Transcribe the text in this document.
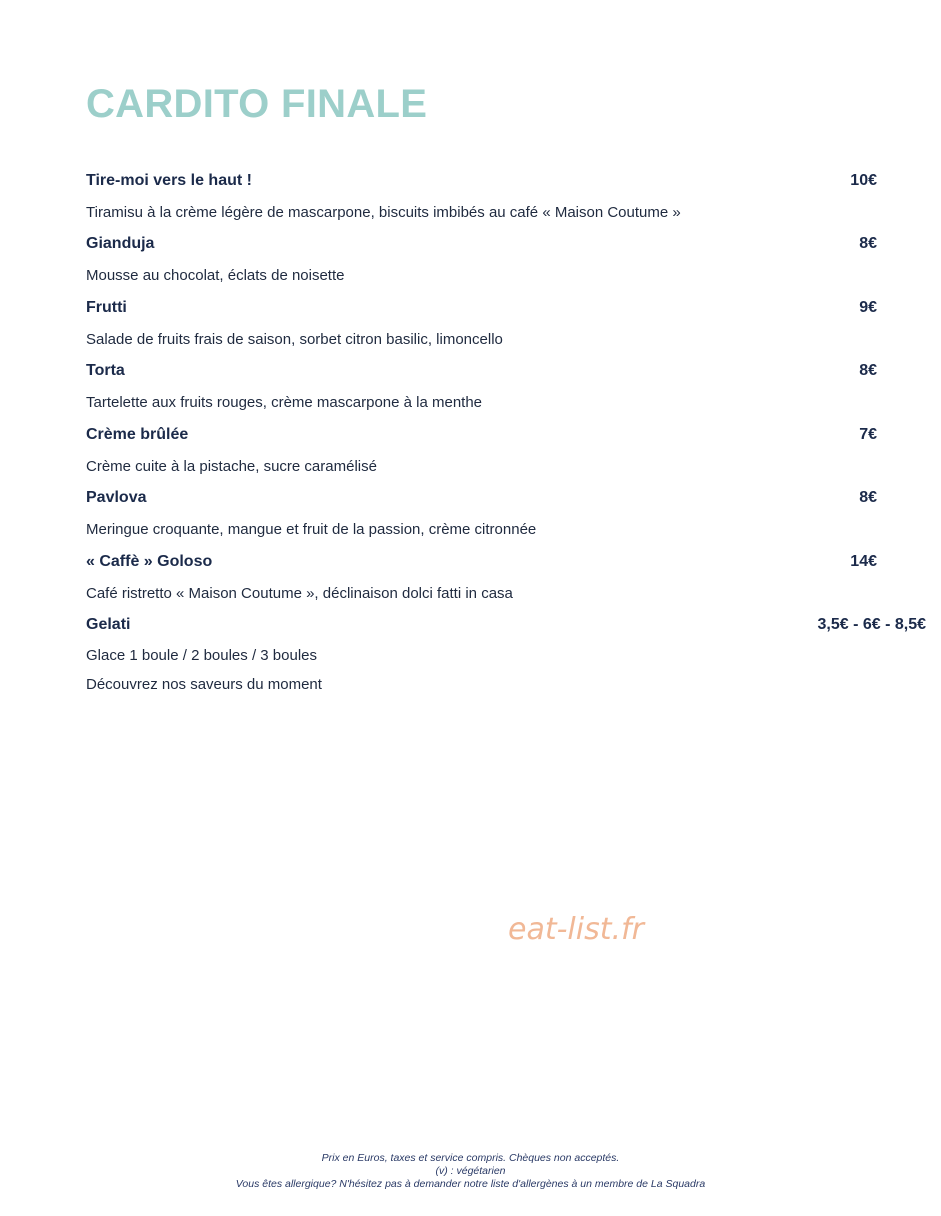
CARDITO FINALE
Tire-moi vers le haut !	10€
Tiramisu à la crème légère de mascarpone, biscuits imbibés au café « Maison Coutume »
Gianduja	8€
Mousse au chocolat, éclats de noisette
Frutti	9€
Salade de fruits frais de saison, sorbet citron basilic, limoncello
Torta	8€
Tartelette aux fruits rouges, crème mascarpone à la menthe
Crème brûlée	7€
Crème cuite à la pistache, sucre caramélisé
Pavlova	8€
Meringue croquante, mangue et fruit de la passion, crème citronnée
« Caffè » Goloso	14€
Café ristretto « Maison Coutume », déclinaison dolci fatti in casa
Gelati	3,5€ - 6€ - 8,5€
Glace 1 boule / 2 boules / 3 boules
Découvrez nos saveurs du moment
eat-list.fr
Prix en Euros, taxes et service compris. Chèques non acceptés.
(v) : végétarien
Vous êtes allergique? N'hésitez pas à demander notre liste d'allergènes à un membre de La Squadra
